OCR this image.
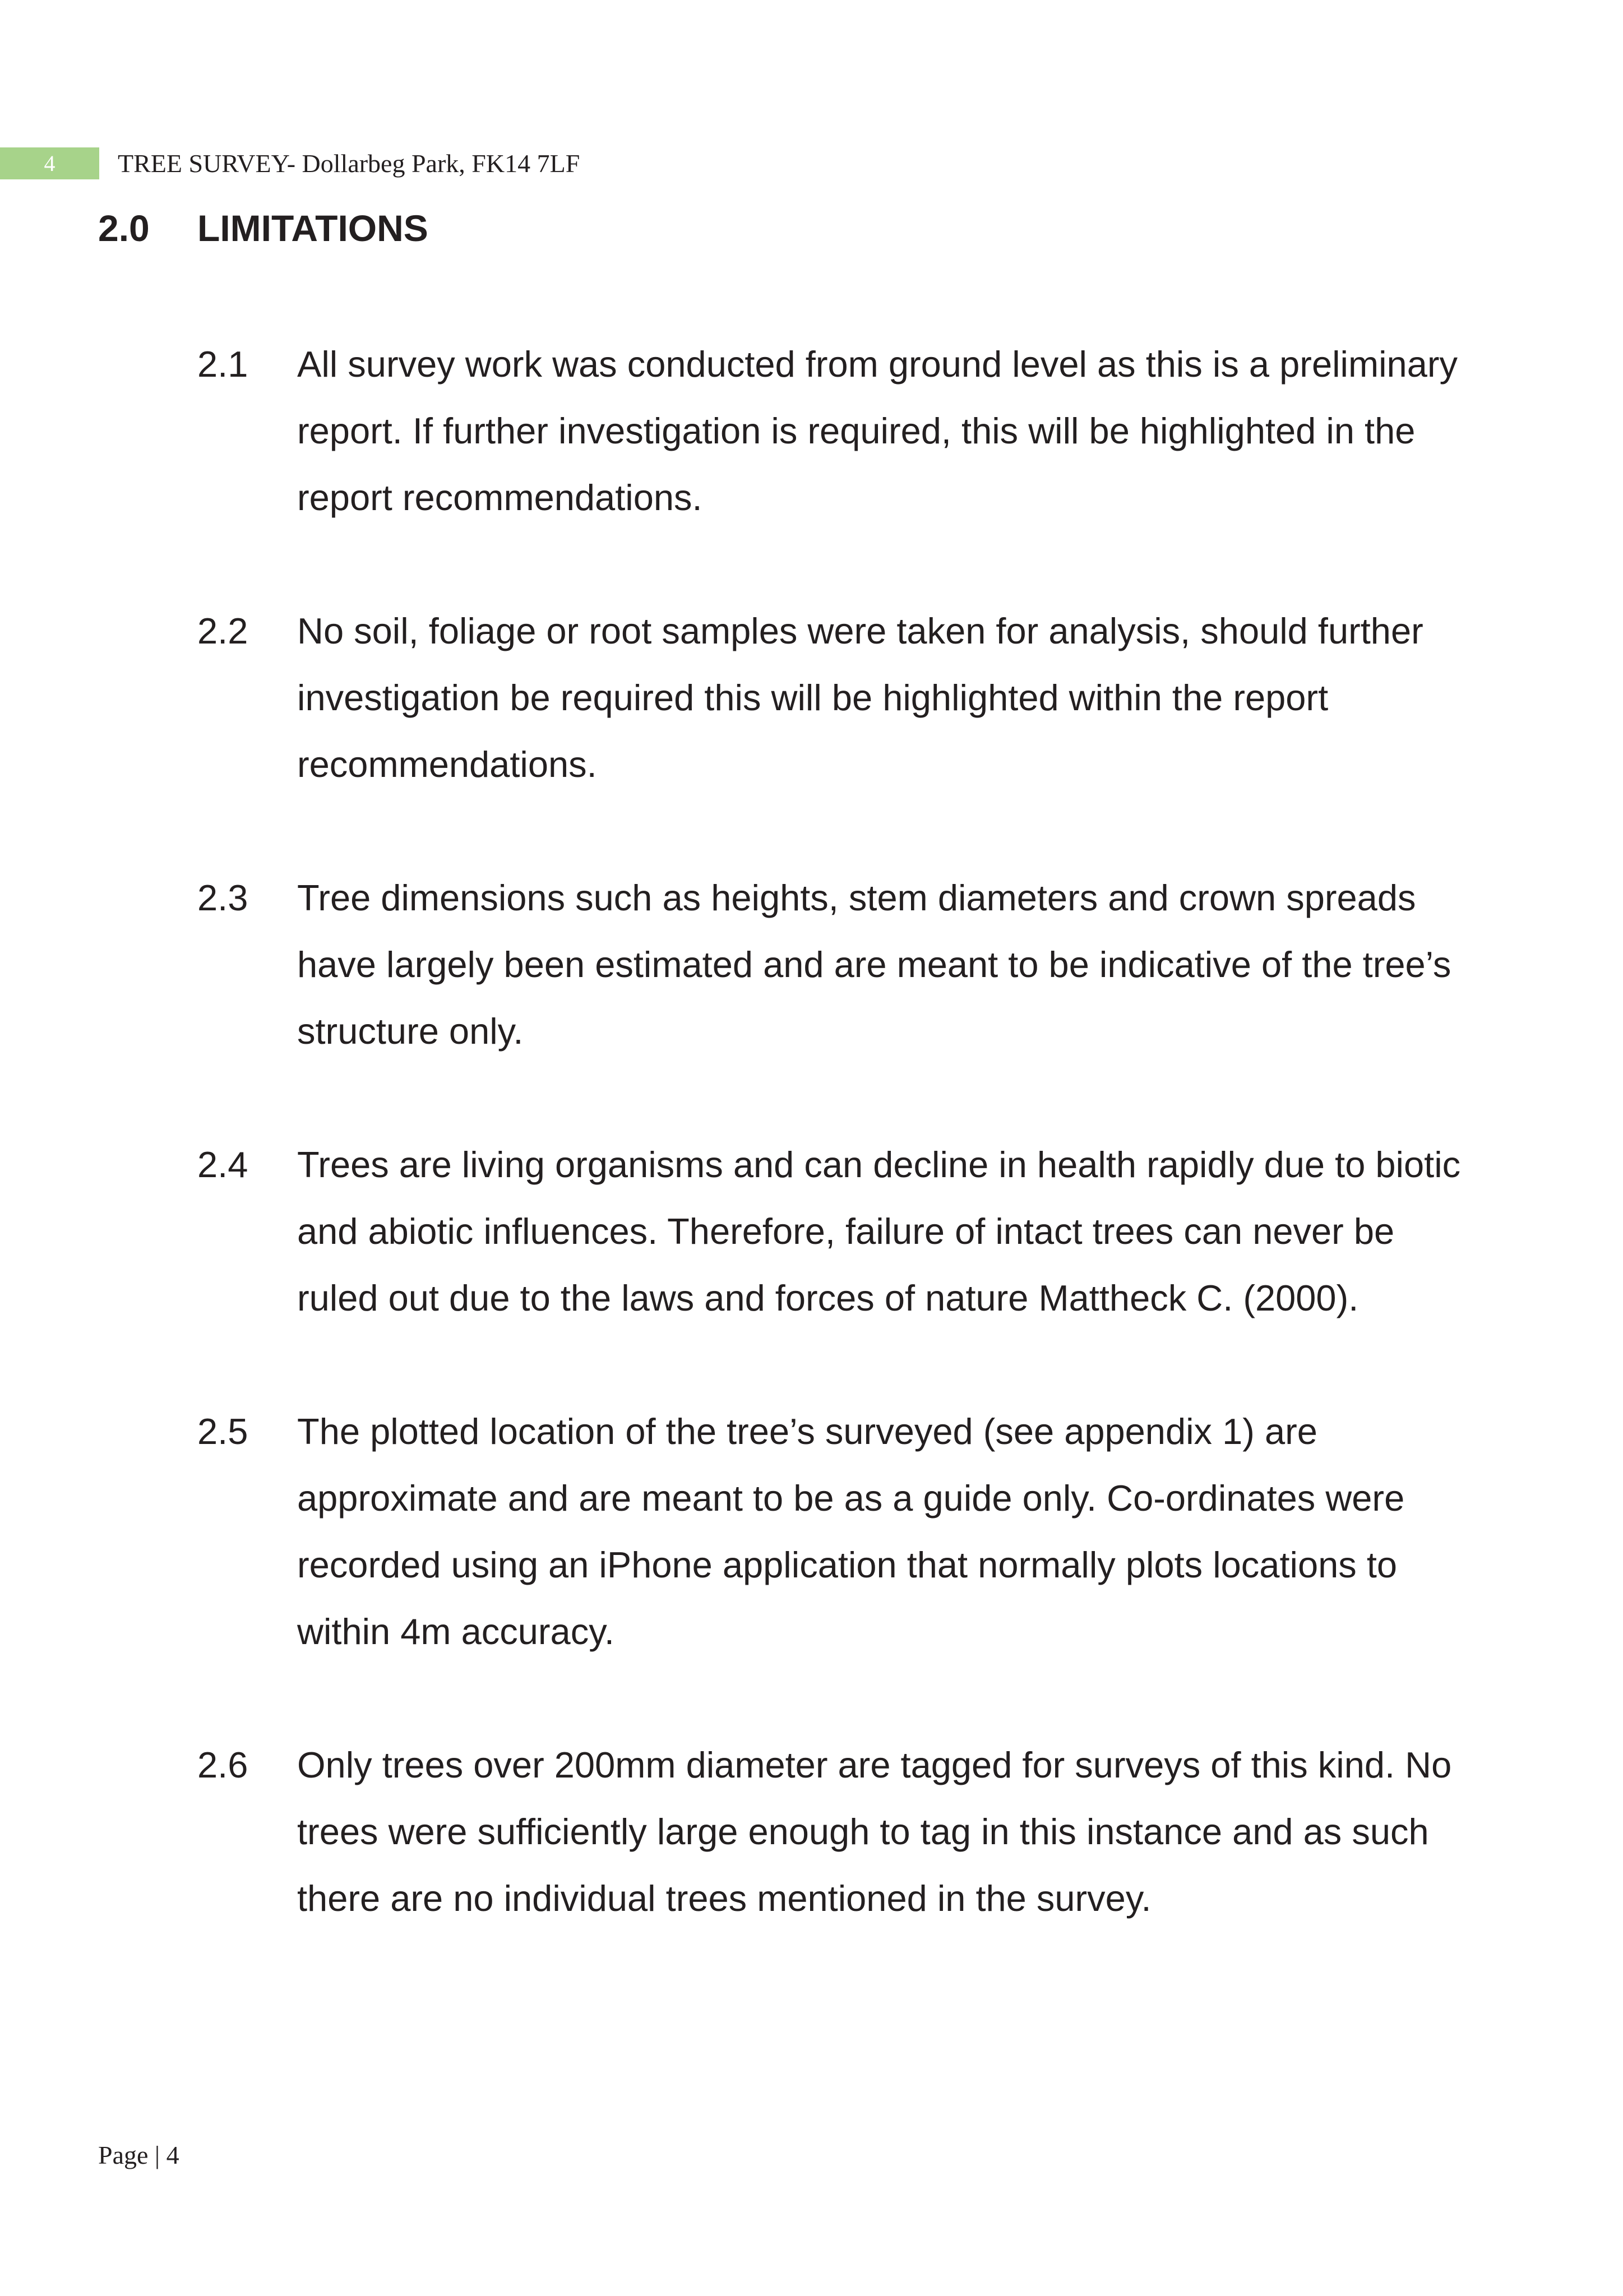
4	TREE SURVEY- Dollarbeg Park, FK14 7LF
2.0 LIMITATIONS
2.1 All survey work was conducted from ground level as this is a preliminary
report. If further investigation is required, this will be highlighted in the
report recommendations.
2.2 No soil, foliage or root samples were taken for analysis, should further
investigation be required this will be highlighted within the report
recommendations.
2.3 Tree dimensions such as heights, stem diameters and crown spreads
have largely been estimated and are meant to be indicative of the tree’s
structure only.
2.4 Trees are living organisms and can decline in health rapidly due to biotic
and abiotic influences. Therefore, failure of intact trees can never be
ruled out due to the laws and forces of nature Mattheck C. (2000).
2.5 The plotted location of the tree’s surveyed (see appendix 1) are
approximate and are meant to be as a guide only. Co-ordinates were
recorded using an iPhone application that normally plots locations to
within 4m accuracy.
2.6 Only trees over 200mm diameter are tagged for surveys of this kind. No
trees were sufficiently large enough to tag in this instance and as such
there are no individual trees mentioned in the survey.
Page | 4
